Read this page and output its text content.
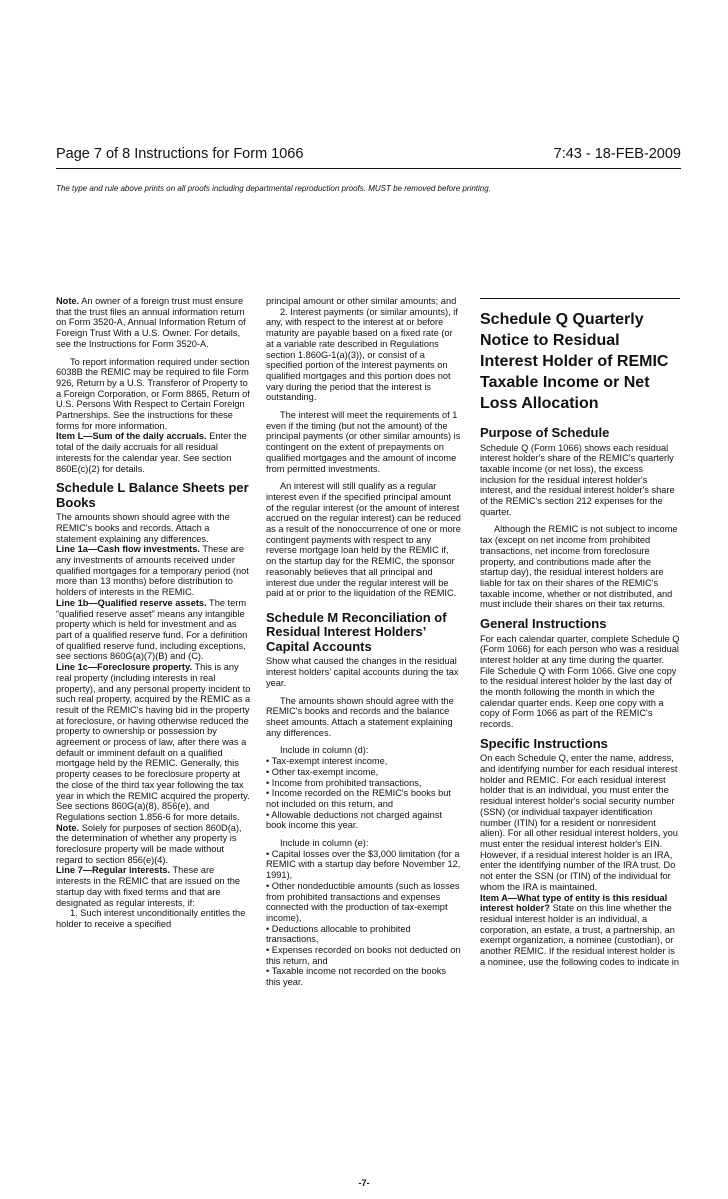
Page 7 of 8 Instructions for Form 1066	7:43 - 18-FEB-2009
The type and rule above prints on all proofs including departmental reproduction proofs. MUST be removed before printing.

Note. An owner of a foreign trust must ensure that the trust files an annual information return on Form 3520-A, Annual Information Return of Foreign Trust With a U.S. Owner. For details, see the Instructions for Form 3520-A.

To report information required under section 6038B the REMIC may be required to file Form 926, Return by a U.S. Transferor of Property to a Foreign Corporation, or Form 8865, Return of U.S. Persons With Respect to Certain Foreign Partnerships. See the instructions for these forms for more information.

Item L—Sum of the daily accruals. Enter the total of the daily accruals for all residual interests for the calendar year. See section 860E(c)(2) for details.

Schedule L Balance Sheets per Books

The amounts shown should agree with the REMIC's books and records. Attach a statement explaining any differences.

Line 1a—Cash flow investments. These are any investments of amounts received under qualified mortgages for a temporary period (not more than 13 months) before distribution to holders of interests in the REMIC.

Line 1b—Qualified reserve assets. The term “qualified reserve asset” means any intangible property which is held for investment and as part of a qualified reserve fund. For a definition of qualified reserve fund, including exceptions, see sections 860G(a)(7)(B) and (C).

Line 1c—Foreclosure property. This is any real property (including interests in real property), and any personal property incident to such real property, acquired by the REMIC as a result of the REMIC's having bid in the property at foreclosure, or having otherwise reduced the property to ownership or possession by agreement or process of law, after there was a default or imminent default on a qualified mortgage held by the REMIC. Generally, this property ceases to be foreclosure property at the close of the third tax year following the tax year in which the REMIC acquired the property. See sections 860G(a)(8), 856(e), and Regulations section 1.856-6 for more details.

Note. Solely for purposes of section 860D(a), the determination of whether any property is foreclosure property will be made without regard to section 856(e)(4).

Line 7—Regular interests. These are interests in the REMIC that are issued on the startup day with fixed terms and that are designated as regular interests, if:

1. Such interest unconditionally entitles the holder to receive a specified

principal amount or other similar amounts; and

2. Interest payments (or similar amounts), if any, with respect to the interest at or before maturity are payable based on a fixed rate (or at a variable rate described in Regulations section 1.860G-1(a)(3)), or consist of a specified portion of the interest payments on qualified mortgages and this portion does not vary during the period that the interest is outstanding.

The interest will meet the requirements of 1 even if the timing (but not the amount) of the principal payments (or other similar amounts) is contingent on the extent of prepayments on qualified mortgages and the amount of income from permitted investments.

An interest will still qualify as a regular interest even if the specified principal amount of the regular interest (or the amount of interest accrued on the regular interest) can be reduced as a result of the nonoccurrence of one or more contingent payments with respect to any reverse mortgage loan held by the REMIC if, on the startup day for the REMIC, the sponsor reasonably believes that all principal and interest due under the regular interest will be paid at or prior to the liquidation of the REMIC.

Schedule M Reconciliation of Residual Interest Holders’ Capital Accounts

Show what caused the changes in the residual interest holders’ capital accounts during the tax year.

The amounts shown should agree with the REMIC's books and records and the balance sheet amounts. Attach a statement explaining any differences.

Include in column (d):

• Tax-exempt interest income,

• Other tax-exempt income,

• Income from prohibited transactions,

• Income recorded on the REMIC's books but not included on this return, and

• Allowable deductions not charged against book income this year.

Include in column (e):

• Capital losses over the $3,000 limitation (for a REMIC with a startup day before November 12, 1991),

• Other nondeductible amounts (such as losses from prohibited transactions and expenses connected with the production of tax-exempt income),

• Deductions allocable to prohibited transactions,

• Expenses recorded on books not deducted on this return, and

• Taxable income not recorded on the books this year.

Schedule Q Quarterly Notice to Residual Interest Holder of REMIC Taxable Income or Net Loss Allocation
Purpose of Schedule

Schedule Q (Form 1066) shows each residual interest holder's share of the REMIC's quarterly taxable income (or net loss), the excess inclusion for the residual interest holder's interest, and the residual interest holder's share of the REMIC's section 212 expenses for the quarter.

Although the REMIC is not subject to income tax (except on net income from prohibited transactions, net income from foreclosure property, and contributions made after the startup day), the residual interest holders are liable for tax on their shares of the REMIC's taxable income, whether or not distributed, and must include their shares on their tax returns.

General Instructions

For each calendar quarter, complete Schedule Q (Form 1066) for each person who was a residual interest holder at any time during the quarter. File Schedule Q with Form 1066. Give one copy to the residual interest holder by the last day of the month following the month in which the calendar quarter ends. Keep one copy with a copy of Form 1066 as part of the REMIC's records.

Specific Instructions

On each Schedule Q, enter the name, address, and identifying number for each residual interest holder and REMIC. For each residual interest holder that is an individual, you must enter the residual interest holder's social security number (SSN) (or individual taxpayer identification number (ITIN) for a resident or nonresident alien). For all other residual interest holders, you must enter the residual interest holder's EIN. However, if a residual interest holder is an IRA, enter the identifying number of the IRA trust. Do not enter the SSN (or ITIN) of the individual for whom the IRA is maintained.

Item A—What type of entity is this residual interest holder? State on this line whether the residual interest holder is an individual, a corporation, an estate, a trust, a partnership, an exempt organization, a nominee (custodian), or another REMIC. If the residual interest holder is a nominee, use the following codes to indicate in

-7-
